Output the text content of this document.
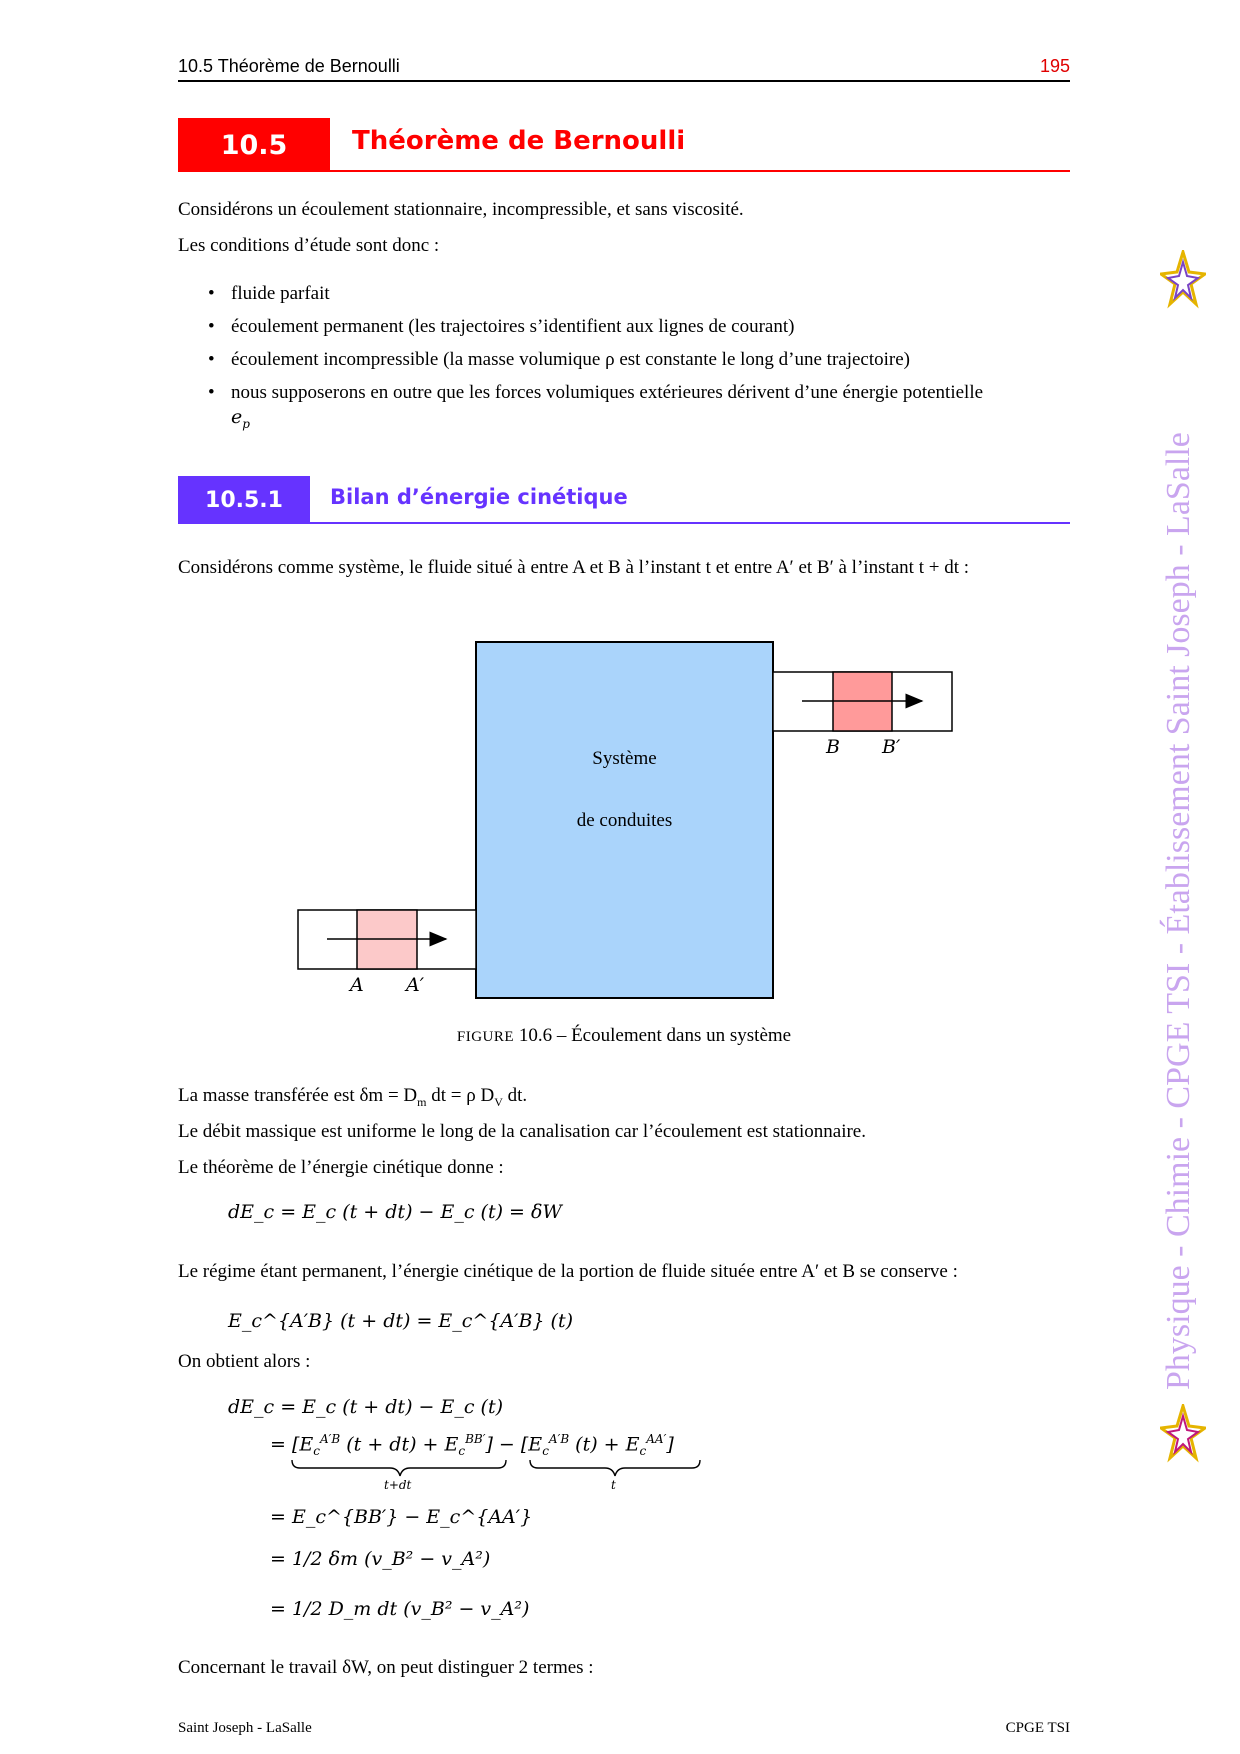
10.5 Théorème de Bernoulli	195
10.5	Théorème de Bernoulli
Considérons un écoulement stationnaire, incompressible, et sans viscosité.
Les conditions d’étude sont donc :
• fluide parfait
• écoulement permanent (les trajectoires s’identifient aux lignes de courant)
• écoulement incompressible (la masse volumique ρ est constante le long d’une trajectoire)
• nous supposerons en outre que les forces volumiques extérieures dérivent d’une énergie potentielle
$e_p$
10.5.1	Bilan d’énergie cinétique
Considérons comme système, le fluide situé à entre A et B à l’instant t et entre A′ et B′ à l’instant t + dt :
Système
de conduites
B B′
A A′
FIGURE 10.6 – Écoulement dans un système
La masse transférée est $\delta m = D_m$ dt = ρ $D_V$ dt.
Le débit massique est uniforme le long de la canalisation car l’écoulement est stationnaire.
Le théorème de l’énergie cinétique donne :
dE_c = E_c (t + dt) − E_c (t) = δW
Le régime étant permanent, l’énergie cinétique de la portion de fluide située entre A′ et B se conserve :
E_c^{A′B} (t + dt) = E_c^{A′B} (t)
On obtient alors :
dE_c = E_c (t + dt) − E_c (t)
= [$E_c^{A'B}$ $(t + dt) + E_c^{BB'}] - [E_c^{A'B}$ $(t) + E_c^{AA'}$]
t+dt	t
= E_c^{BB′} − E_c^{AA′}
= 1/2 δm (v_B² − v_A²)
= 1/2 D_m dt (v_B² − v_A²)
Concernant le travail δW, on peut distinguer 2 termes :
Physique - Chimie - CPGE TSI - Établissement Saint Joseph - LaSalle
Saint Joseph - LaSalle	CPGE TSI
